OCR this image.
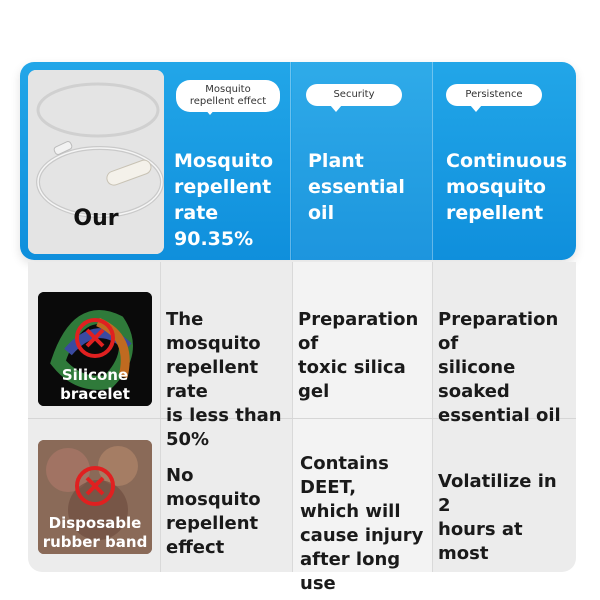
Our
Mosquito
repellent effect
Security	Persistence
Mosquito
repellent
rate 90.35%
Plant
essential oil
Continuous
mosquito
repellent
Silicone
bracelet
The mosquito
repellent rate
is less than
50%
Preparation of
toxic silica gel
Preparation of
silicone
soaked
essential oil
Disposable
rubber band
No mosquito
repellent
effect
Contains DEET,
which will
cause injury
after long use
Volatilize in 2
hours at most
